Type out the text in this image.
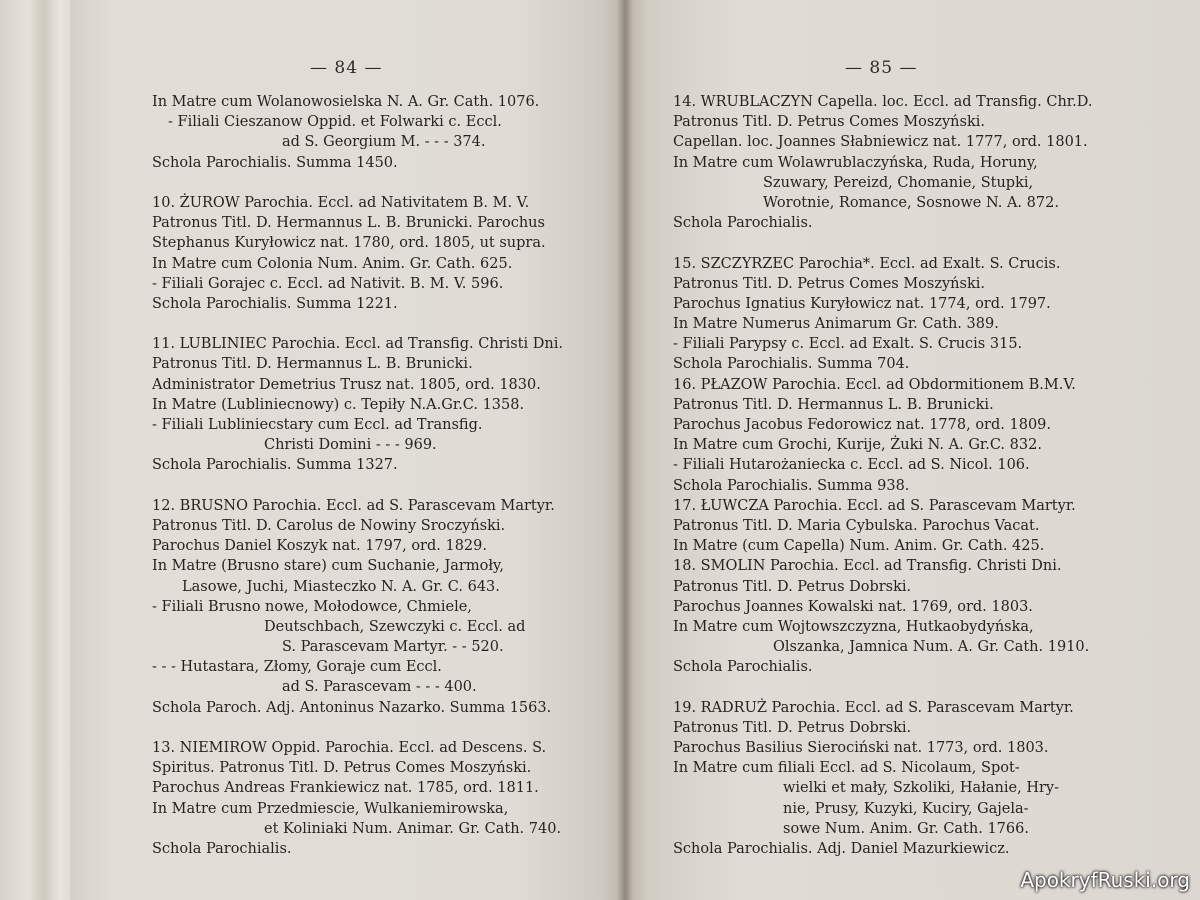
— 84 —
In Matre cum Wolanowosielska N. A. Gr. Cath. 1076.
- Filiali Cieszanow Oppid. et Folwarki c. Eccl.
ad S. Georgium M. - - - 374.
Schola Parochialis. Summa 1450.
10. ŻUROW Parochia. Eccl. ad Nativitatem B. M. V.
Patronus Titl. D. Hermannus L. B. Brunicki. Parochus
Stephanus Kuryłowicz nat. 1780, ord. 1805, ut supra.
In Matre cum Colonia Num. Anim. Gr. Cath. 625.
- Filiali Gorajec c. Eccl. ad Nativit. B. M. V. 596.
Schola Parochialis. Summa 1221.
11. LUBLINIEC Parochia. Eccl. ad Transfig. Christi Dni.
Patronus Titl. D. Hermannus L. B. Brunicki.
Administrator Demetrius Trusz nat. 1805, ord. 1830.
In Matre (Lubliniecnowy) c. Tepiły N.A.Gr.C. 1358.
- Filiali Lubliniecstary cum Eccl. ad Transfig.
Christi Domini - - - 969.
Schola Parochialis. Summa 1327.
12. BRUSNO Parochia. Eccl. ad S. Parascevam Martyr.
Patronus Titl. D. Carolus de Nowiny Sroczyński.
Parochus Daniel Koszyk nat. 1797, ord. 1829.
In Matre (Brusno stare) cum Suchanie, Jarmoły,
Lasowe, Juchi, Miasteczko N. A. Gr. C. 643.
- Filiali Brusno nowe, Mołodowce, Chmiele,
Deutschbach, Szewczyki c. Eccl. ad
S. Parascevam Martyr. - - 520.
- - - Hutastara, Złomy, Goraje cum Eccl.
ad S. Parascevam - - - 400.
Schola Paroch. Adj. Antoninus Nazarko. Summa 1563.
13. NIEMIROW Oppid. Parochia. Eccl. ad Descens. S.
Spiritus. Patronus Titl. D. Petrus Comes Moszyński.
Parochus Andreas Frankiewicz nat. 1785, ord. 1811.
In Matre cum Przedmiescie, Wulkaniemirowska,
et Koliniaki Num. Animar. Gr. Cath. 740.
Schola Parochialis.
— 85 —
14. WRUBLACZYN Capella. loc. Eccl. ad Transfig. Chr.D.
Patronus Titl. D. Petrus Comes Moszyński.
Capellan. loc. Joannes Słabniewicz nat. 1777, ord. 1801.
In Matre cum Wolawrublaczyńska, Ruda, Horuny,
Szuwary, Pereizd, Chomanie, Stupki,
Worotnie, Romance, Sosnowe N. A. 872.
Schola Parochialis.
15. SZCZYRZEC Parochia*. Eccl. ad Exalt. S. Crucis.
Patronus Titl. D. Petrus Comes Moszyński.
Parochus Ignatius Kuryłowicz nat. 1774, ord. 1797.
In Matre Numerus Animarum Gr. Cath. 389.
- Filiali Parypsy c. Eccl. ad Exalt. S. Crucis 315.
Schola Parochialis. Summa 704.
16. PŁAZOW Parochia. Eccl. ad Obdormitionem B.M.V.
Patronus Titl. D. Hermannus L. B. Brunicki.
Parochus Jacobus Fedorowicz nat. 1778, ord. 1809.
In Matre cum Grochi, Kurije, Żuki N. A. Gr.C. 832.
- Filiali Hutarożaniecka c. Eccl. ad S. Nicol. 106.
Schola Parochialis. Summa 938.
17. ŁUWCZA Parochia. Eccl. ad S. Parascevam Martyr.
Patronus Titl. D. Maria Cybulska. Parochus Vacat.
In Matre (cum Capella) Num. Anim. Gr. Cath. 425.
18. SMOLIN Parochia. Eccl. ad Transfig. Christi Dni.
Patronus Titl. D. Petrus Dobrski.
Parochus Joannes Kowalski nat. 1769, ord. 1803.
In Matre cum Wojtowszczyzna, Hutkaobydyńska,
Olszanka, Jamnica Num. A. Gr. Cath. 1910.
Schola Parochialis.
19. RADRUŻ Parochia. Eccl. ad S. Parascevam Martyr.
Patronus Titl. D. Petrus Dobrski.
Parochus Basilius Sierociński nat. 1773, ord. 1803.
In Matre cum filiali Eccl. ad S. Nicolaum, Spot-
wielki et mały, Szkoliki, Hałanie, Hry-
nie, Prusy, Kuzyki, Kuciry, Gajela-
sowe Num. Anim. Gr. Cath. 1766.
Schola Parochialis. Adj. Daniel Mazurkiewicz.
ApokryfRuski.org
